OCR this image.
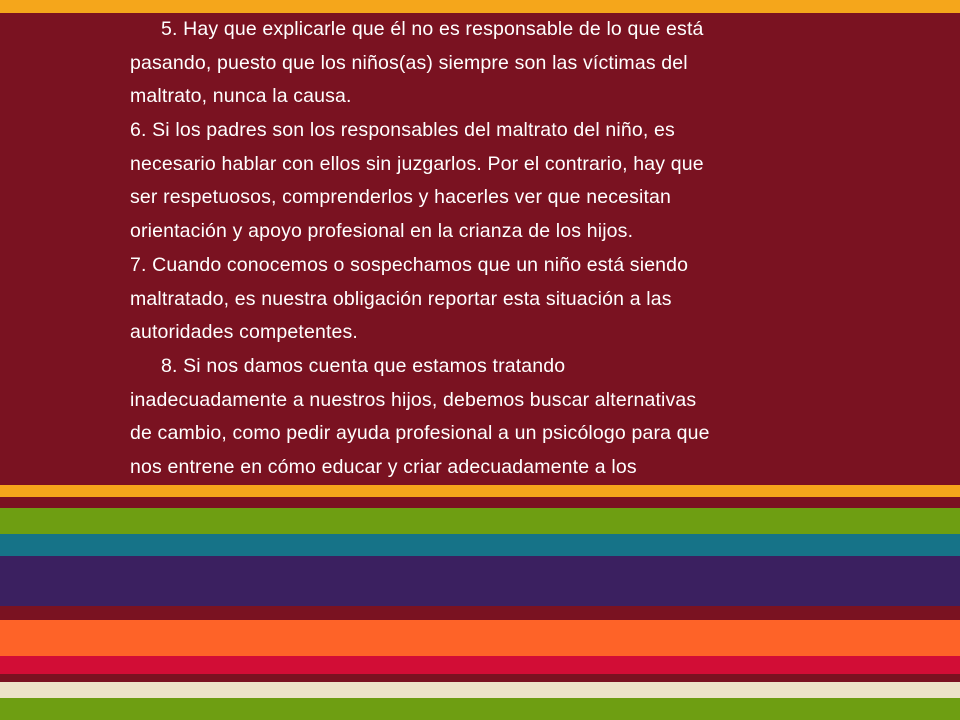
5. Hay que explicarle que él no es responsable de lo que está
pasando, puesto que los niños(as) siempre son las víctimas del
maltrato, nunca la causa.
6. Si los padres son los responsables del maltrato del niño, es
necesario hablar con ellos sin juzgarlos. Por el contrario, hay que
ser respetuosos, comprenderlos y hacerles ver que necesitan
orientación y apoyo profesional en la crianza de los hijos.
7. Cuando conocemos o sospechamos que un niño está siendo
maltratado, es nuestra obligación reportar esta situación a las
autoridades competentes.
8. Si nos damos cuenta que estamos tratando
inadecuadamente a nuestros hijos, debemos buscar alternativas
de cambio, como pedir ayuda profesional a un psicólogo para que
nos entrene en cómo educar y criar adecuadamente a los
